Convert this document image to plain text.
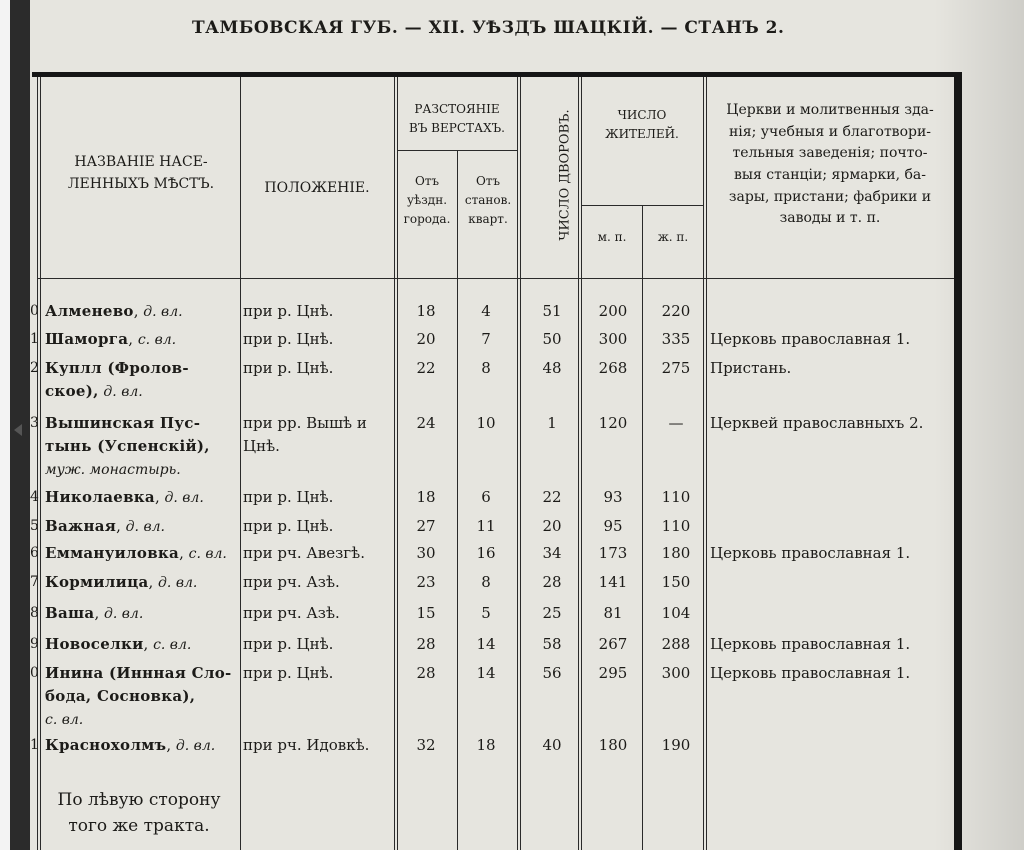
ТАМБОВСКАЯ ГУБ. — XII. УѢЗДЪ ШАЦКІЙ. — СТАНЪ 2.
НАЗВАНІЕ НАСЕ-
ЛЕННЫХЪ МѢСТЪ.	ПОЛОЖЕНІЕ.
РАЗСТОЯНІЕ
ВЪ ВЕРСТАХЪ.
Отъ
уѣздн.
города.
Отъ
станов.
кварт.	ЧИСЛО ДВОРОВЪ.	ЧИСЛО
ЖИТЕЛЕЙ.
м. п.	ж. п.
Церкви и молитвенныя зда-
нія; учебныя и благотвори-
тельныя заведенія; почто-
выя станціи; ярмарки, ба-
зары, пристани; фабрики и
заводы и т. п.
0 Алменево, д. вл.	при р. Цнѣ.	18	4	51	200	220
1 Шаморга, с. вл.	при р. Цнѣ.	20	7	50	300	335	Церковь православная 1.
2 Куплл (Фролов-
ское), д. вл.
при р. Цнѣ.	22	8	48	268	275	Пристань.
3 Вышинская Пус-
тынь (Успенскій),
муж. монастырь.
при рр. Вышѣ и
Цнѣ.
24	10	1	120	—	Церквей православныхъ 2.
4 Николаевка, д. вл.	при р. Цнѣ.	18	6	22	93	110
5 Важная, д. вл.	при р. Цнѣ.	27	11	20	95	110
6 Еммануиловка, с. вл.	при рч. Авезгѣ.	30	16	34	173	180	Церковь православная 1.
7 Кормилица, д. вл.	при рч. Азѣ.	23	8	28	141	150
8 Ваша, д. вл.	при рч. Азѣ.	15	5	25	81	104
9 Новоселки, с. вл.	при р. Цнѣ.	28	14	58	267	288	Церковь православная 1.
0 Инина (Иннная Сло-
бода, Сосновка),
с. вл.
при р. Цнѣ.	28	14	56	295	300	Церковь православная 1.
1 Краснохолмъ, д. вл.	при рч. Идовкѣ.	32	18	40	180	190
По лѣвую сторону
того же тракта.
